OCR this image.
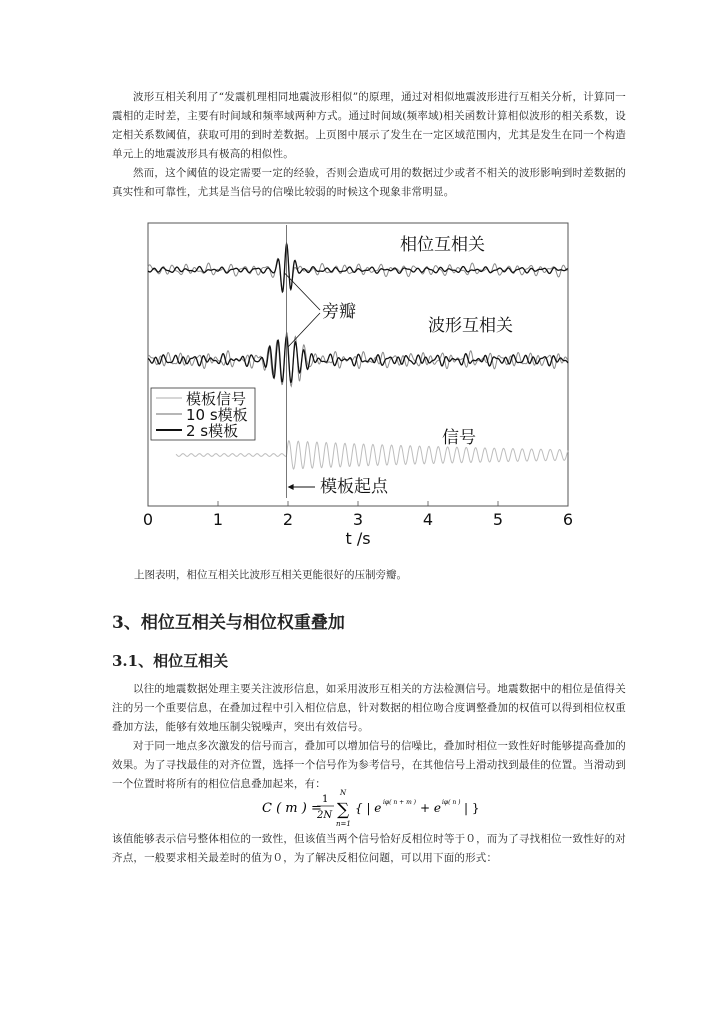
波形互相关利用了“发震机理相同地震波形相似”的原理，通过对相似地震波形进行互相关分析，计算同一震相的走时差，主要有时间域和频率域两种方式。通过时间域(频率域)相关函数计算相似波形的相关系数，设定相关系数阈值，获取可用的到时差数据。上页图中展示了发生在一定区域范围内，尤其是发生在同一个构造单元上的地震波形具有极高的相似性。

然而，这个阈值的设定需要一定的经验，否则会造成可用的数据过少或者不相关的波形影响到时差数据的真实性和可靠性，尤其是当信号的信噪比较弱的时候这个现象非常明显。

相位互相关
旁瓣
波形互相关
信号
模板起点
0	1	2	3	4	5	6
t /s
模板信号
10 s模板
2 s模板

上图表明，相位互相关比波形互相关更能很好的压制旁瓣。

3、相位互相关与相位权重叠加
3.1、相位互相关

以往的地震数据处理主要关注波形信息，如采用波形互相关的方法检测信号。地震数据中的相位是值得关注的另一个重要信息，在叠加过程中引入相位信息，针对数据的相位吻合度调整叠加的权值可以得到相位权重叠加方法，能够有效地压制尖锐噪声，突出有效信号。

对于同一地点多次激发的信号而言，叠加可以增加信号的信噪比，叠加时相位一致性好时能够提高叠加的效果。为了寻找最佳的对齐位置，选择一个信号作为参考信号，在其他信号上滑动找到最佳的位置。当滑动到一个位置时将所有的相位信息叠加起来，有：

C ( m ) =
1
2N
N
∑
n=1
{ | e iφ( n + m ) + e iφ( n ) | }

该值能够表示信号整体相位的一致性，但该值当两个信号恰好反相位时等于０，而为了寻找相位一致性好的对齐点，一般要求相关最差时的值为０，为了解决反相位问题，可以用下面的形式：
